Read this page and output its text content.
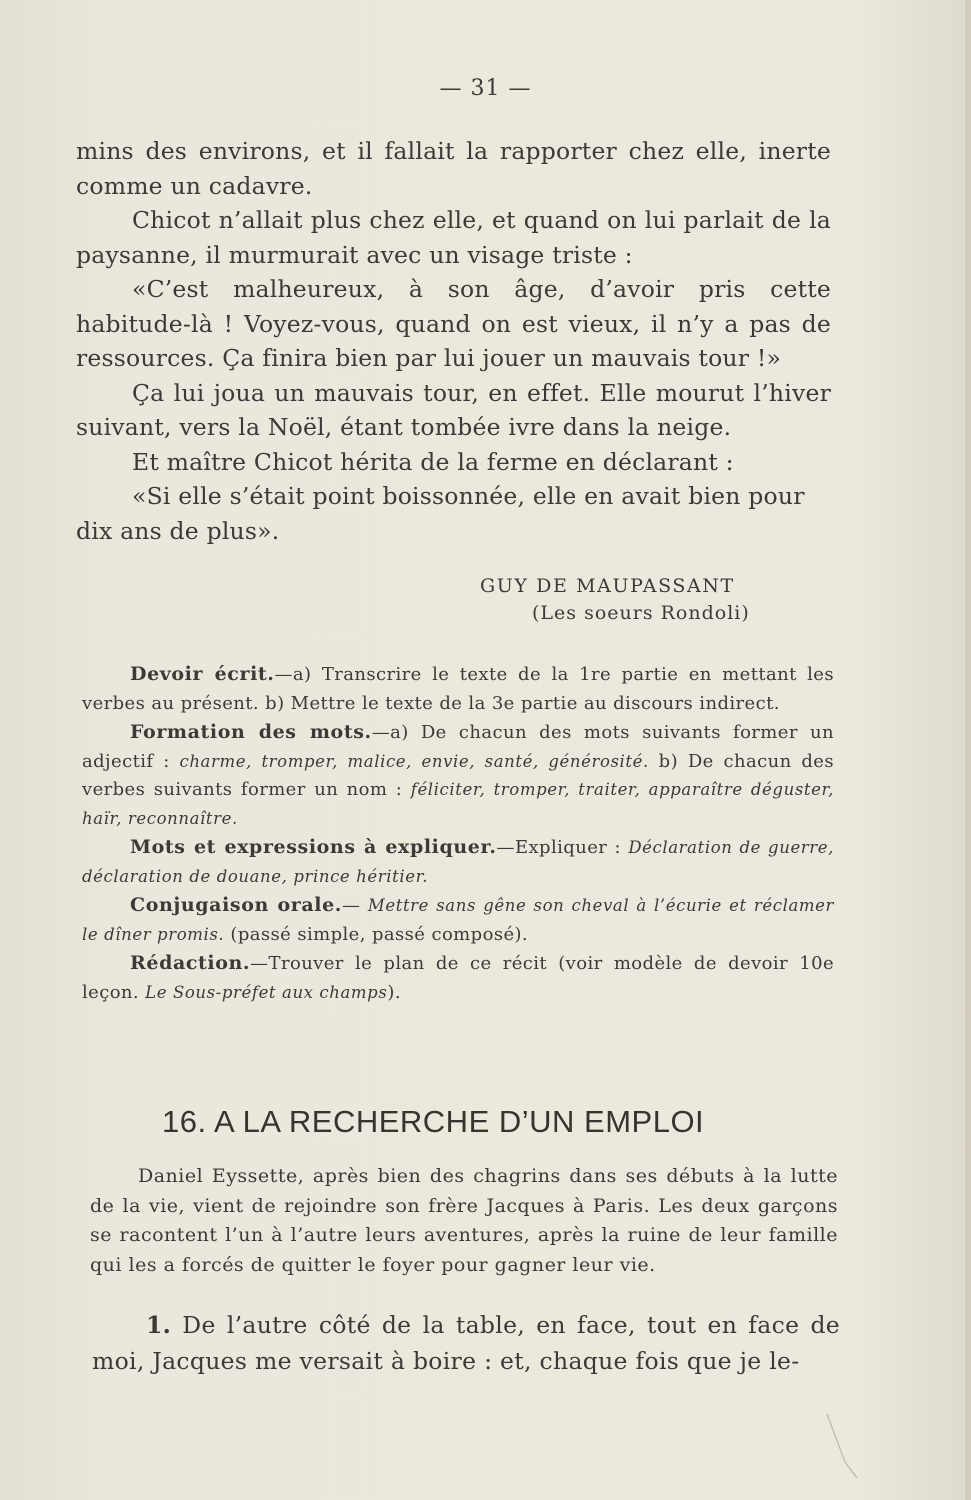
— 31 —

mins des environs, et il fallait la rapporter chez elle, inerte comme un cadavre.

Chicot n’allait plus chez elle, et quand on lui parlait de la paysanne, il murmurait avec un visage triste :

«C’est malheureux, à son âge, d’avoir pris cette habitude-là ! Voyez-vous, quand on est vieux, il n’y a pas de ressources. Ça finira bien par lui jouer un mauvais tour !»

Ça lui joua un mauvais tour, en effet. Elle mourut l’hiver suivant, vers la Noël, étant tombée ivre dans la neige.

Et maître Chicot hérita de la ferme en déclarant :

«Si elle s’était point boissonnée, elle en avait bien pour dix ans de plus».

GUY DE MAUPASSANT
(Les soeurs Rondoli)

Devoir écrit.—a) Transcrire le texte de la 1re partie en mettant les verbes au présent. b) Mettre le texte de la 3e partie au discours indirect.

Formation des mots.—a) De chacun des mots suivants former un adjectif : charme, tromper, malice, envie, santé, générosité. b) De chacun des verbes suivants former un nom : féliciter, tromper, traiter, apparaître déguster, haïr, reconnaître.

Mots et expressions à expliquer.—Expliquer : Déclaration de guerre, déclaration de douane, prince héritier.

Conjugaison orale.— Mettre sans gêne son cheval à l’écurie et réclamer le dîner promis. (passé simple, passé composé).

Rédaction.—Trouver le plan de ce récit (voir modèle de devoir 10e leçon. Le Sous-préfet aux champs).

16. A LA RECHERCHE D’UN EMPLOI

Daniel Eyssette, après bien des chagrins dans ses débuts à la lutte de la vie, vient de rejoindre son frère Jacques à Paris. Les deux garçons se racontent l’un à l’autre leurs aventures, après la ruine de leur famille qui les a forcés de quitter le foyer pour gagner leur vie.

1. De l’autre côté de la table, en face, tout en face de moi, Jacques me versait à boire : et, chaque fois que je le-
